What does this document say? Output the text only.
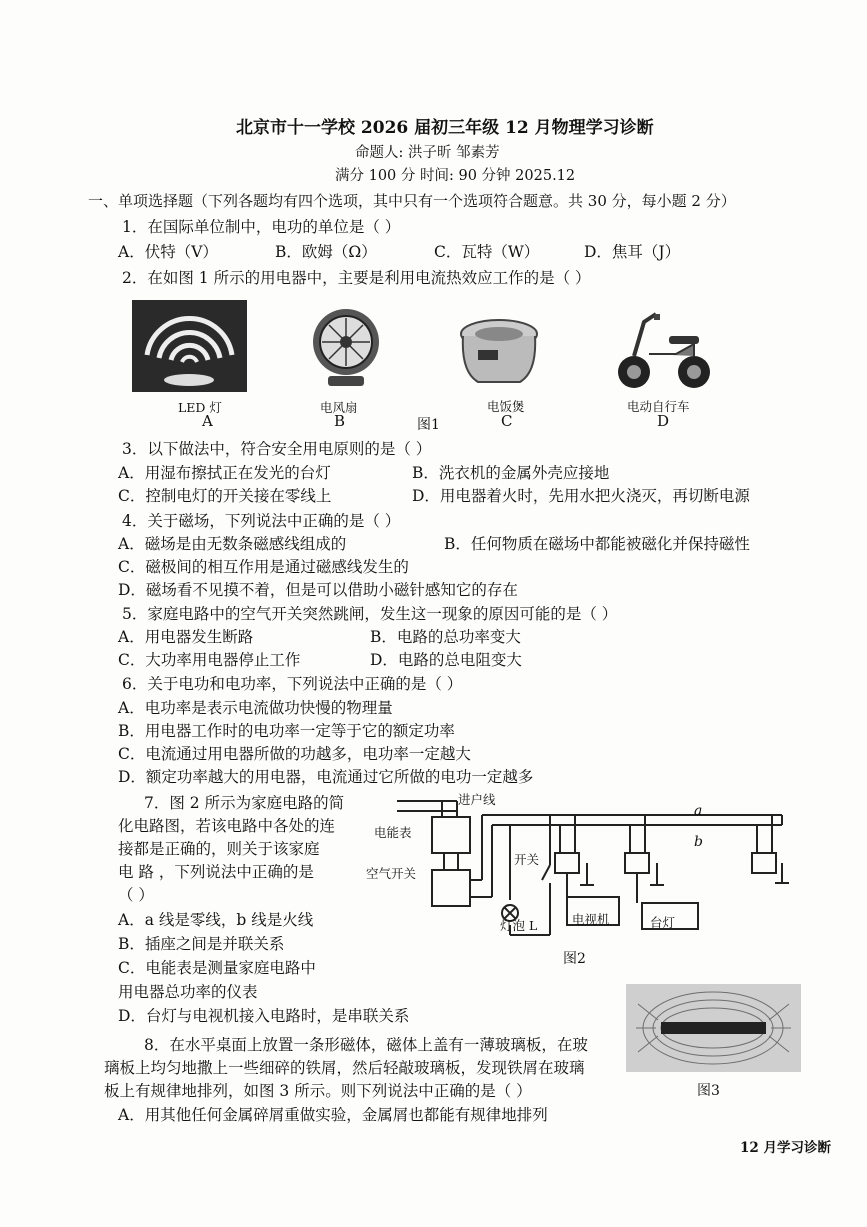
北京市十一学校 2026 届初三年级 12 月物理学习诊断
命题人: 洪子昕 邹素芳
满分 100 分 时间: 90 分钟 2025.12
一、单项选择题（下列各题均有四个选项，其中只有一个选项符合题意。共 30 分，每小题 2 分）
1．在国际单位制中，电功的单位是（ ）
A．伏特（V）	B．欧姆（Ω）	C．瓦特（W）	D．焦耳（J）
2．在如图 1 所示的用电器中，主要是利用电流热效应工作的是（ ）
LED 灯
A
电风扇
B	图1
电饭煲
C
电动自行车
D
3．以下做法中，符合安全用电原则的是（ ）
A．用湿布擦拭正在发光的台灯	B．洗衣机的金属外壳应接地
C．控制电灯的开关接在零线上	D．用电器着火时，先用水把火浇灭，再切断电源
4．关于磁场，下列说法中正确的是（ ）
A．磁场是由无数条磁感线组成的	B．任何物质在磁场中都能被磁化并保持磁性
C．磁极间的相互作用是通过磁感线发生的
D．磁场看不见摸不着，但是可以借助小磁针感知它的存在
5．家庭电路中的空气开关突然跳闸，发生这一现象的原因可能的是（ ）
A．用电器发生断路	B．电路的总功率变大
C．大功率用电器停止工作	D．电路的总电阻变大
6．关于电功和电功率，下列说法中正确的是（ ）
A．电功率是表示电流做功快慢的物理量
B．用电器工作时的电功率一定等于它的额定功率
C．电流通过用电器所做的功越多，电功率一定越大
D．额定功率越大的用电器，电流通过它所做的电功一定越多
7．图 2 所示为家庭电路的简
化电路图，若该电路中各处的连
接都是正确的，则关于该家庭
电 路 ，下列说法中正确的是
（ ）
A．a 线是零线，b 线是火线
B．插座之间是并联关系
C．电能表是测量家庭电路中
用电器总功率的仪表
D．台灯与电视机接入电路时，是串联关系
进户线
电能表
空气开关
开关
灯泡 L	电视机	台灯
a
b
图2
8．在水平桌面上放置一条形磁体，磁体上盖有一薄玻璃板，在玻
璃板上均匀地撒上一些细碎的铁屑，然后轻敲玻璃板，发现铁屑在玻璃
板上有规律地排列，如图 3 所示。则下列说法中正确的是（ ）
A．用其他任何金属碎屑重做实验，金属屑也都能有规律地排列
图3
12 月学习诊断
